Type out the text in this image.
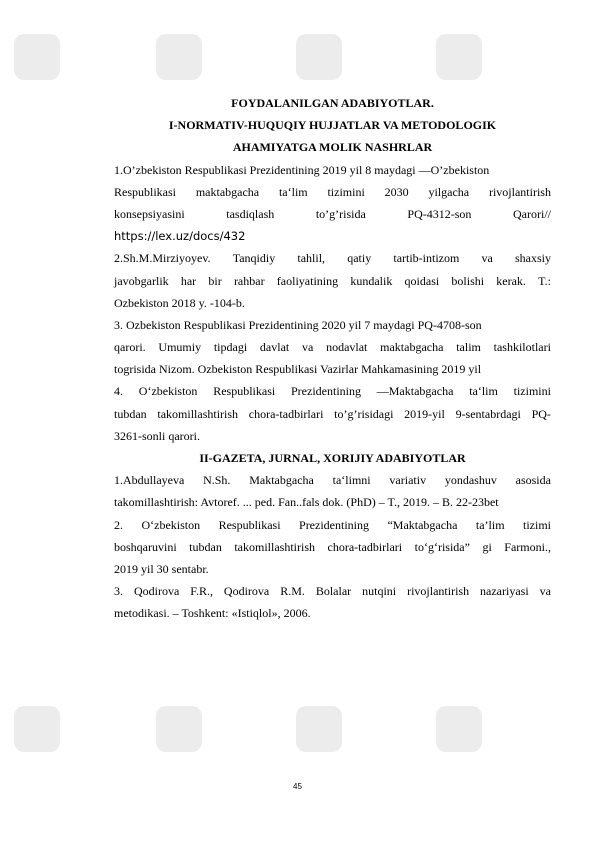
FOYDALANILGAN ADABIYOTLAR.
I-NORMATIV-HUQUQIY HUJJATLAR VA METODOLOGIK
AHAMIYATGA MOLIK NASHRLAR
1.O’zbekiston Respublikasi Prezidentining 2019 yil 8 maydagi —O’zbekiston
Respublikasi maktabgacha ta‘lim tizimini 2030 yilgacha rivojlantirish
konsepsiyasini	tasdiqlash	to’g’risida	PQ-4312-son	Qarori//
https://lex.uz/docs/432
2.Sh.M.Mirziyoyev. Tanqidiy tahlil, qatiy tartib-intizom va shaxsiy
javobgarlik har bir rahbar faoliyatining kundalik qoidasi bolishi kerak. T.:
Ozbekiston 2018 y. -104-b.
3. Ozbekiston Respublikasi Prezidentining 2020 yil 7 maydagi PQ-4708-son
qarori. Umumiy tipdagi davlat va nodavlat maktabgacha talim tashkilotlari
togrisida Nizom. Ozbekiston Respublikasi Vazirlar Mahkamasining 2019 yil
4. O‘zbekiston Respublikasi Prezidentining —Maktabgacha ta‘lim tizimini
tubdan takomillashtirish chora-tadbirlari to’g’risidagi 2019-yil 9-sentabrdagi PQ-
3261-sonli qarori.
II-GAZETA, JURNAL, XORIJIY ADABIYOTLAR
1.Abdullayeva N.Sh. Maktabgacha ta‘limni variativ yondashuv asosida
takomillashtirish: Avtoref. ... ped. Fan..fals dok. (PhD) – T., 2019. – B. 22-23bet
2. O‘zbekiston Respublikasi Prezidentining “Maktabgacha ta’lim tizimi
boshqaruvini tubdan takomillashtirish chora-tadbirlari to‘g‘risida” gi Farmoni.,
2019 yil 30 sentabr.
3. Qodirova F.R., Qodirova R.M. Bolalar nutqini rivojlantirish nazariyasi va
metodikasi. – Toshkent: «Istiqlol», 2006.
45
